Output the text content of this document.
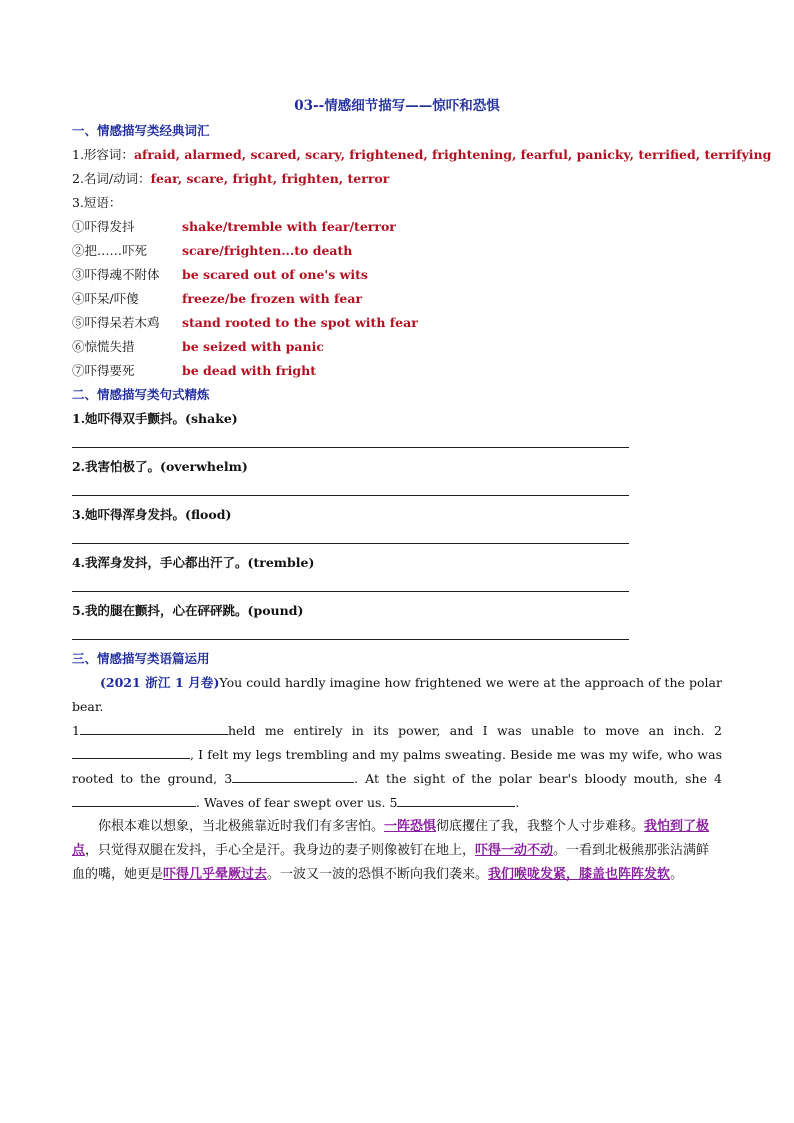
03--情感细节描写——惊吓和恐惧
一、情感描写类经典词汇
1.形容词：afraid, alarmed, scared, scary, frightened, frightening, fearful, panicky, terrified, terrifying
2.名词/动词：fear, scare, fright, frighten, terror
3.短语：
①吓得发抖	shake/tremble with fear/terror
②把……吓死	scare/frighten...to death
③吓得魂不附体	be scared out of one's wits
④吓呆/吓傻	freeze/be frozen with fear
⑤吓得呆若木鸡	stand rooted to the spot with fear
⑥惊慌失措	be seized with panic
⑦吓得要死	be dead with fright
二、情感描写类句式精炼
1.她吓得双手颤抖。(shake)
2.我害怕极了。(overwhelm)
3.她吓得浑身发抖。(flood)
4.我浑身发抖，手心都出汗了。(tremble)
5.我的腿在颤抖，心在砰砰跳。(pound)
三、情感描写类语篇运用
(2021 浙江 1 月卷)You could hardly imagine how frightened we were at the approach of the polar bear.
1	held me entirely in its power, and I was unable to move an inch. 2, I felt my legs trembling and my palms sweating. Beside me was my wife, who was rooted to the ground, 3	. At the sight of the polar bear's bloody mouth, she 4. Waves of fear swept over us. 5	.

你根本难以想象，当北极熊靠近时我们有多害怕。一阵恐惧彻底攫住了我，我整个人寸步难移。我怕到了极点，只觉得双腿在发抖，手心全是汗。我身边的妻子则像被钉在地上，吓得一动不动。一看到北极熊那张沾满鲜血的嘴，她更是吓得几乎晕厥过去。一波又一波的恐惧不断向我们袭来。我们喉咙发紧，膝盖也阵阵发软。
